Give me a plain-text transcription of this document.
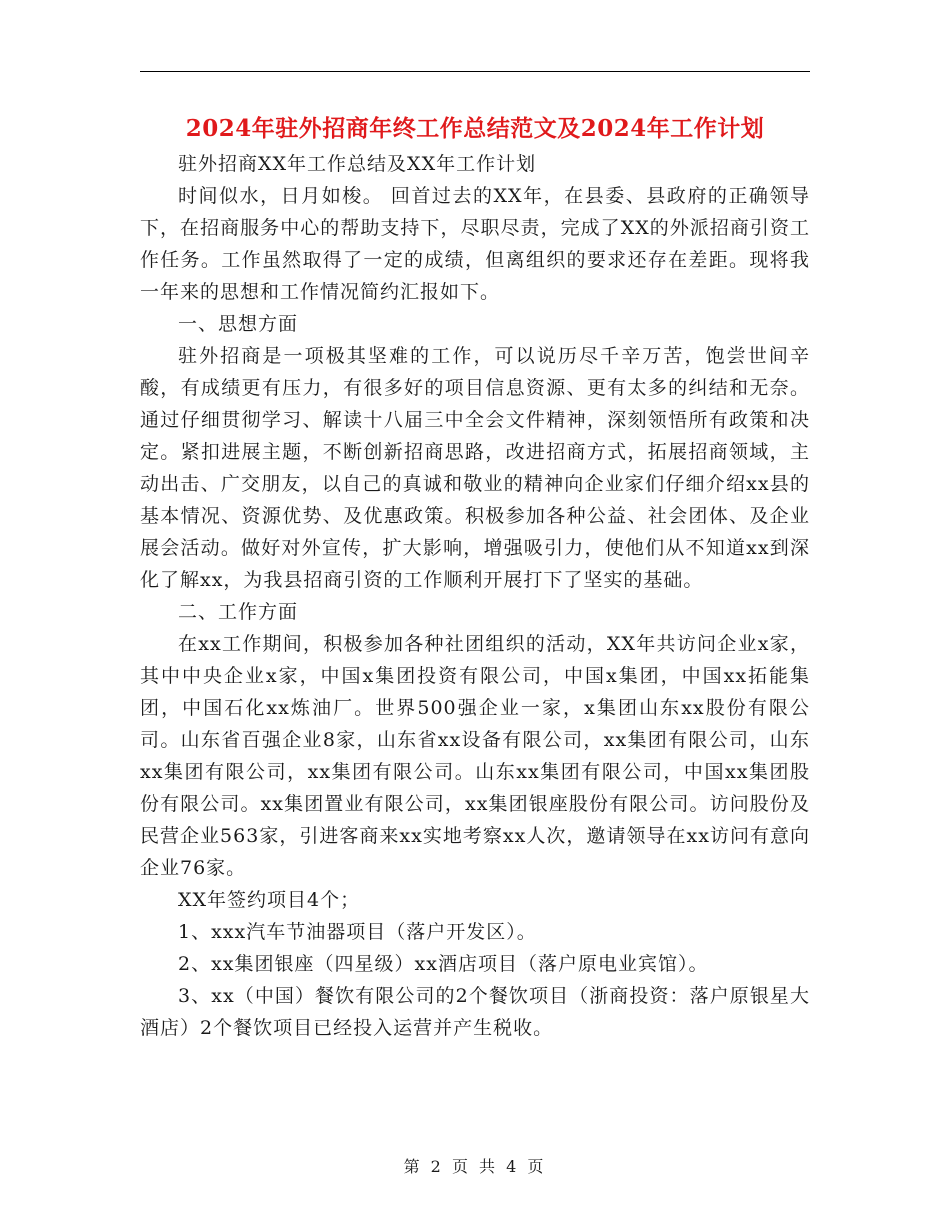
2024年驻外招商年终工作总结范文及2024年工作计划

驻外招商XX年工作总结及XX年工作计划

时间似水，日月如梭。 回首过去的XX年，在县委、县政府的正确领导下，在招商服务中心的帮助支持下，尽职尽责，完成了XX的外派招商引资工作任务。工作虽然取得了一定的成绩，但离组织的要求还存在差距。现将我一年来的思想和工作情况简约汇报如下。

一、思想方面

驻外招商是一项极其坚难的工作，可以说历尽千辛万苦，饱尝世间辛酸，有成绩更有压力，有很多好的项目信息资源、更有太多的纠结和无奈。通过仔细贯彻学习、解读十八届三中全会文件精神，深刻领悟所有政策和决定。紧扣进展主题，不断创新招商思路，改进招商方式，拓展招商领域，主动出击、广交朋友，以自己的真诚和敬业的精神向企业家们仔细介绍xx县的基本情况、资源优势、及优惠政策。积极参加各种公益、社会团体、及企业展会活动。做好对外宣传，扩大影响，增强吸引力，使他们从不知道xx到深化了解xx，为我县招商引资的工作顺利开展打下了坚实的基础。

二、工作方面

在xx工作期间，积极参加各种社团组织的活动，XX年共访问企业x家，其中中央企业x家，中国x集团投资有限公司，中国x集团，中国xx拓能集团，中国石化xx炼油厂。世界500强企业一家，x集团山东xx股份有限公司。山东省百强企业8家，山东省xx设备有限公司，xx集团有限公司，山东xx集团有限公司，xx集团有限公司。山东xx集团有限公司，中国xx集团股份有限公司。xx集团置业有限公司，xx集团银座股份有限公司。访问股份及民营企业563家，引进客商来xx实地考察xx人次，邀请领导在xx访问有意向企业76家。

XX年签约项目4个；

1、xxx汽车节油器项目（落户开发区）。

2、xx集团银座（四星级）xx酒店项目（落户原电业宾馆）。

3、xx（中国）餐饮有限公司的2个餐饮项目（浙商投资：落户原银星大酒店）2个餐饮项目已经投入运营并产生税收。

第 2 页 共 4 页
